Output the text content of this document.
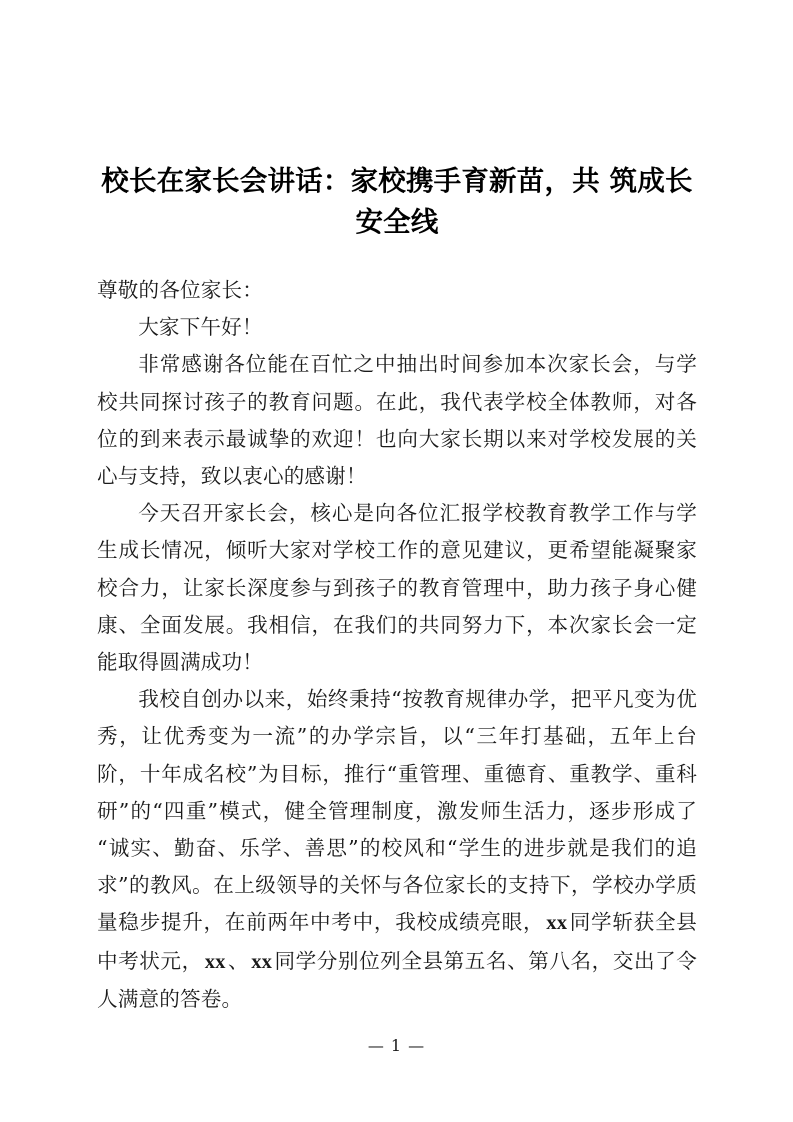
校长在家长会讲话：家校携手育新苗，共 筑成长安全线

尊敬的各位家长：

大家下午好！

非常感谢各位能在百忙之中抽出时间参加本次家长会，与学校共同探讨孩子的教育问题。在此，我代表学校全体教师，对各位的到来表示最诚挚的欢迎！也向大家长期以来对学校发展的关心与支持，致以衷心的感谢！

今天召开家长会，核心是向各位汇报学校教育教学工作与学生成长情况，倾听大家对学校工作的意见建议，更希望能凝聚家校合力，让家长深度参与到孩子的教育管理中，助力孩子身心健康、全面发展。我相信，在我们的共同努力下，本次家长会一定能取得圆满成功！

我校自创办以来，始终秉持“按教育规律办学，把平凡变为优秀，让优秀变为一流”的办学宗旨，以“三年打基础，五年上台阶，十年成名校”为目标，推行“重管理、重德育、重教学、重科研”的“四重”模式，健全管理制度，激发师生活力，逐步形成了“诚实、勤奋、乐学、善思”的校风和“学生的进步就是我们的追求”的教风。在上级领导的关怀与各位家长的支持下，学校办学质量稳步提升，在前两年中考中，我校成绩亮眼，xx同学斩获全县中考状元，xx、xx同学分别位列全县第五名、第八名，交出了令人满意的答卷。

— 1 —
